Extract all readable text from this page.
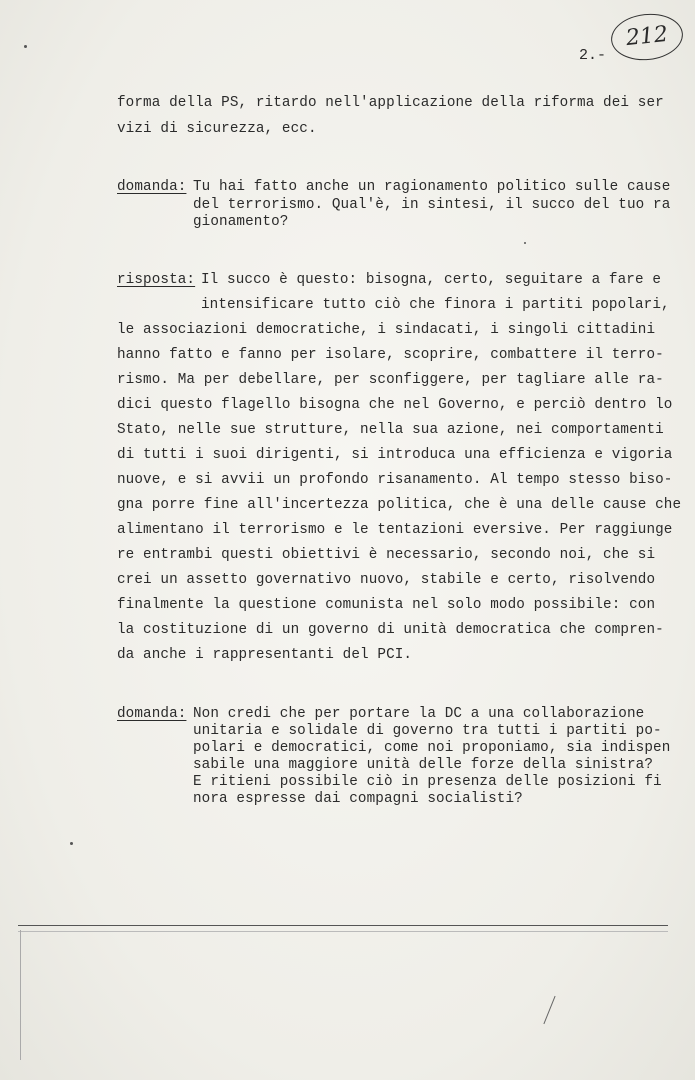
212
2.-
forma della PS, ritardo nell'applicazione della riforma dei ser
vizi di sicurezza, ecc.
domanda: Tu hai fatto anche un ragionamento politico sulle cause
del terrorismo. Qual'è, in sintesi, il succo del tuo ra
gionamento?
risposta: Il succo è questo: bisogna, certo, seguitare a fare e
intensificare tutto ciò che finora i partiti popolari,
le associazioni democratiche, i sindacati, i singoli cittadini
hanno fatto e fanno per isolare, scoprire, combattere il terro-
rismo. Ma per debellare, per sconfiggere, per tagliare alle ra-
dici questo flagello bisogna che nel Governo, e perciò dentro lo
Stato, nelle sue strutture, nella sua azione, nei comportamenti
di tutti i suoi dirigenti, si introduca una efficienza e vigoria
nuove, e si avvii un profondo risanamento. Al tempo stesso biso-
gna porre fine all'incertezza politica, che è una delle cause che
alimentano il terrorismo e le tentazioni eversive. Per raggiunge
re entrambi questi obiettivi è necessario, secondo noi, che si
crei un assetto governativo nuovo, stabile e certo, risolvendo
finalmente la questione comunista nel solo modo possibile: con
la costituzione di un governo di unità democratica che compren-
da anche i rappresentanti del PCI.
domanda: Non credi che per portare la DC a una collaborazione
unitaria e solidale di governo tra tutti i partiti po-
polari e democratici, come noi proponiamo, sia indispen
sabile una maggiore unità delle forze della sinistra?
E ritieni possibile ciò in presenza delle posizioni fi
nora espresse dai compagni socialisti?
